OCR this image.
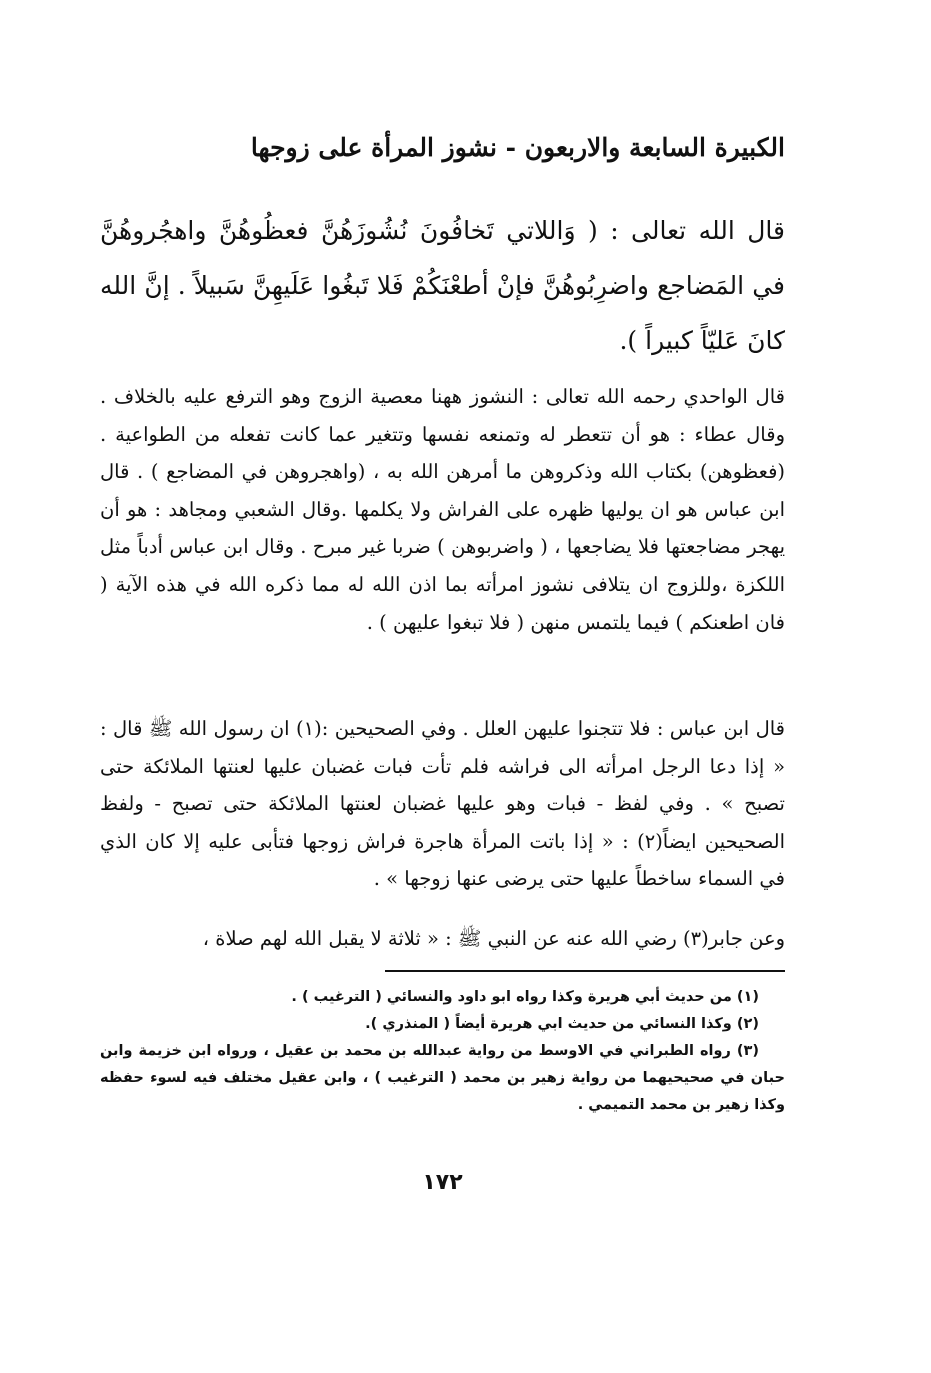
الكبيرة السابعة والاربعون - نشوز المرأة على زوجها
قال الله تعالى : ( وَاللاتي تَخافُونَ نُشُوزَهُنَّ فعظُوهُنَّ واهجُروهُنَّ في المَضاجع واضرِبُوهُنَّ فإنْ أطعْنَكُمْ فَلا تَبغُوا عَلَيهِنَّ سَبيلاً . إنَّ الله كانَ عَليّاً كبيراً ).

قال الواحدي رحمه الله تعالى : النشوز ههنا معصية الزوج وهو الترفع عليه بالخلاف . وقال عطاء : هو أن تتعطر له وتمنعه نفسها وتتغير عما كانت تفعله من الطواعية . (فعظوهن) بكتاب الله وذكروهن ما أمرهن الله به ، (واهجروهن في المضاجع ) . قال ابن عباس هو ان يوليها ظهره على الفراش ولا يكلمها .وقال الشعبي ومجاهد : هو أن يهجر مضاجعتها فلا يضاجعها ، ( واضربوهن ) ضربا غير مبرح . وقال ابن عباس أدباً مثل اللكزة ،وللزوج ان يتلافى نشوز امرأته بما اذن الله له مما ذكره الله في هذه الآية ( فان اطعنكم ) فيما يلتمس منهن ( فلا تبغوا عليهن ) .

قال ابن عباس : فلا تتجنوا عليهن العلل . وفي الصحيحين :(١) ان رسول الله ﷺ قال : « إذا دعا الرجل امرأته الى فراشه فلم تأت فبات غضبان عليها لعنتها الملائكة حتى تصبح » . وفي لفظ - فبات وهو عليها غضبان لعنتها الملائكة حتى تصبح - ولفظ الصحيحين ايضاً(٢) : « إذا باتت المرأة هاجرة فراش زوجها فتأبى عليه إلا كان الذي في السماء ساخطاً عليها حتى يرضى عنها زوجها » .

وعن جابر(٣) رضي الله عنه عن النبي ﷺ : « ثلاثة لا يقبل الله لهم صلاة ،

(١) من حديث أبي هريرة وكذا رواه ابو داود والنسائي ( الترغيب ) .

(٢) وكذا النسائي من حديث ابي هريرة أيضاً ( المنذري ).

(٣) رواه الطبراني في الاوسط من رواية عبدالله بن محمد بن عقيل ، ورواه ابن خزيمة وابن حبان في صحيحيهما من رواية زهير بن محمد ( الترغيب ) ، وابن عقيل مختلف فيه لسوء حفظه وكذا زهير بن محمد التميمي .

١٧٢
